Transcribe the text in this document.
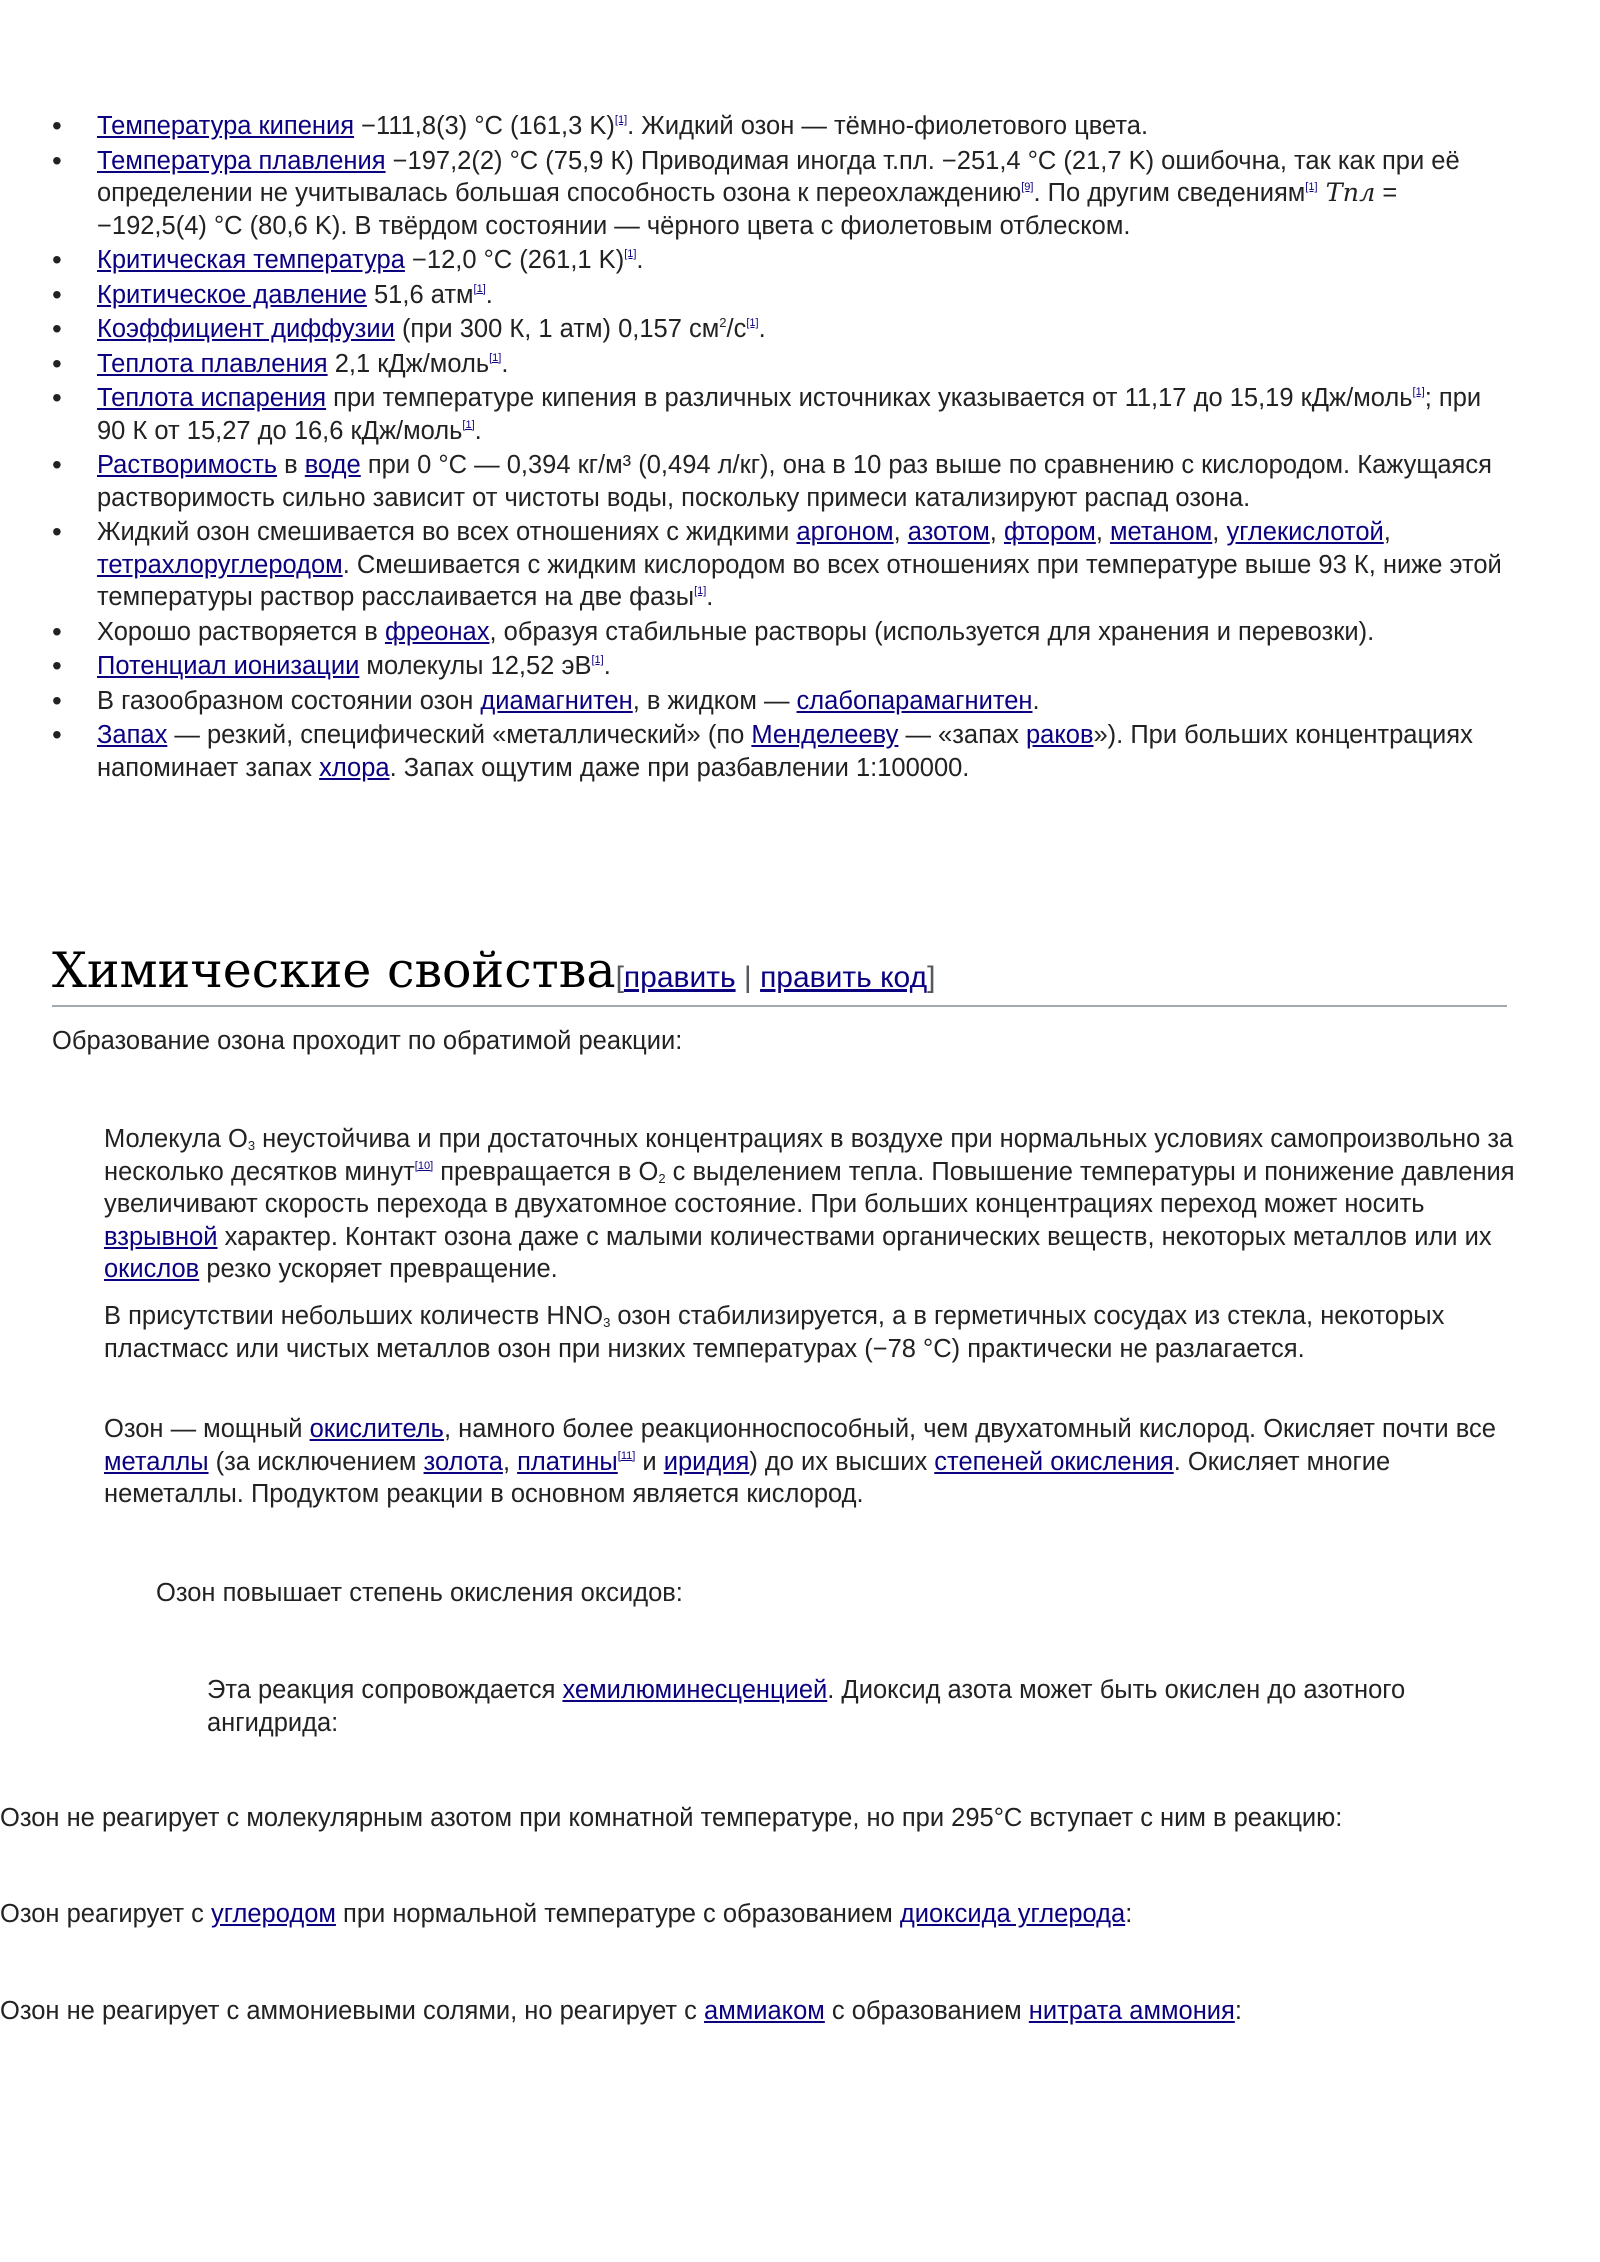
• Температура кипения −111,8(3) °C (161,3 K)[1]. Жидкий озон — тёмно-фиолетового цвета.
• Температура плавления −197,2(2) °C (75,9 К) Приводимая иногда т.пл. −251,4 °C (21,7 K) ошибочна, так как при её определении не учитывалась большая способность озона к переохлаждению[9]. По другим сведениям[1] Tпл = −192,5(4) °C (80,6 K). В твёрдом состоянии — чёрного цвета с фиолетовым отблеском.
• Критическая температура −12,0 °C (261,1 K)[1].
• Критическое давление 51,6 атм[1].
• Коэффициент диффузии (при 300 К, 1 атм) 0,157 $см^2/с[1]$.
• Теплота плавления 2,1 кДж/моль[1].
• Теплота испарения при температуре кипения в различных источниках указывается от 11,17 до 15,19 кДж/моль[1]; при 90 К от 15,27 до 16,6 кДж/моль[1].
• Растворимость в воде при 0 °C — 0,394 кг/м³ (0,494 л/кг), она в 10 раз выше по сравнению с кислородом. Кажущаяся растворимость сильно зависит от чистоты воды, поскольку примеси катализируют распад озона.
• Жидкий озон смешивается во всех отношениях с жидкими аргоном, азотом, фтором, метаном, углекислотой, тетрахлоруглеродом. Смешивается с жидким кислородом во всех отношениях при температуре выше 93 К, ниже этой температуры раствор расслаивается на две фазы[1].
• Хорошо растворяется в фреонах, образуя стабильные растворы (используется для хранения и перевозки).
• Потенциал ионизации молекулы 12,52 эВ[1].
• В газообразном состоянии озон диамагнитен, в жидком — слабопарамагнитен.
• Запах — резкий, специфический «металлический» (по Менделееву — «запах раков»). При больших концентрациях напоминает запах хлора. Запах ощутим даже при разбавлении 1:100000.
Химические свойства[править | править код]

Образование озона проходит по обратимой реакции:

Молекула $O_3$ неустойчива и при достаточных концентрациях в воздухе при нормальных условиях самопроизвольно за несколько десятков минут[10] превращается в $O_2$ с выделением тепла. Повышение температуры и понижение давления увеличивают скорость перехода в двухатомное состояние. При больших концентрациях переход может носить взрывной характер. Контакт озона даже с малыми количествами органических веществ, некоторых металлов или их окислов резко ускоряет превращение.

В присутствии небольших количеств $HNO_3$ озон стабилизируется, а в герметичных сосудах из стекла, некоторых пластмасс или чистых металлов озон при низких температурах (−78 °C) практически не разлагается.

Озон — мощный окислитель, намного более реакционноспособный, чем двухатомный кислород. Окисляет почти все металлы (за исключением золота, платины[11] и иридия) до их высших степеней окисления. Окисляет многие неметаллы. Продуктом реакции в основном является кислород.

Озон повышает степень окисления оксидов:

Эта реакция сопровождается хемилюминесценцией. Диоксид азота может быть окислен до азотного ангидрида:

Озон не реагирует с молекулярным азотом при комнатной температуре, но при 295°C вступает с ним в реакцию:

Озон реагирует с углеродом при нормальной температуре с образованием диоксида углерода:

Озон не реагирует с аммониевыми солями, но реагирует с аммиаком с образованием нитрата аммония:
